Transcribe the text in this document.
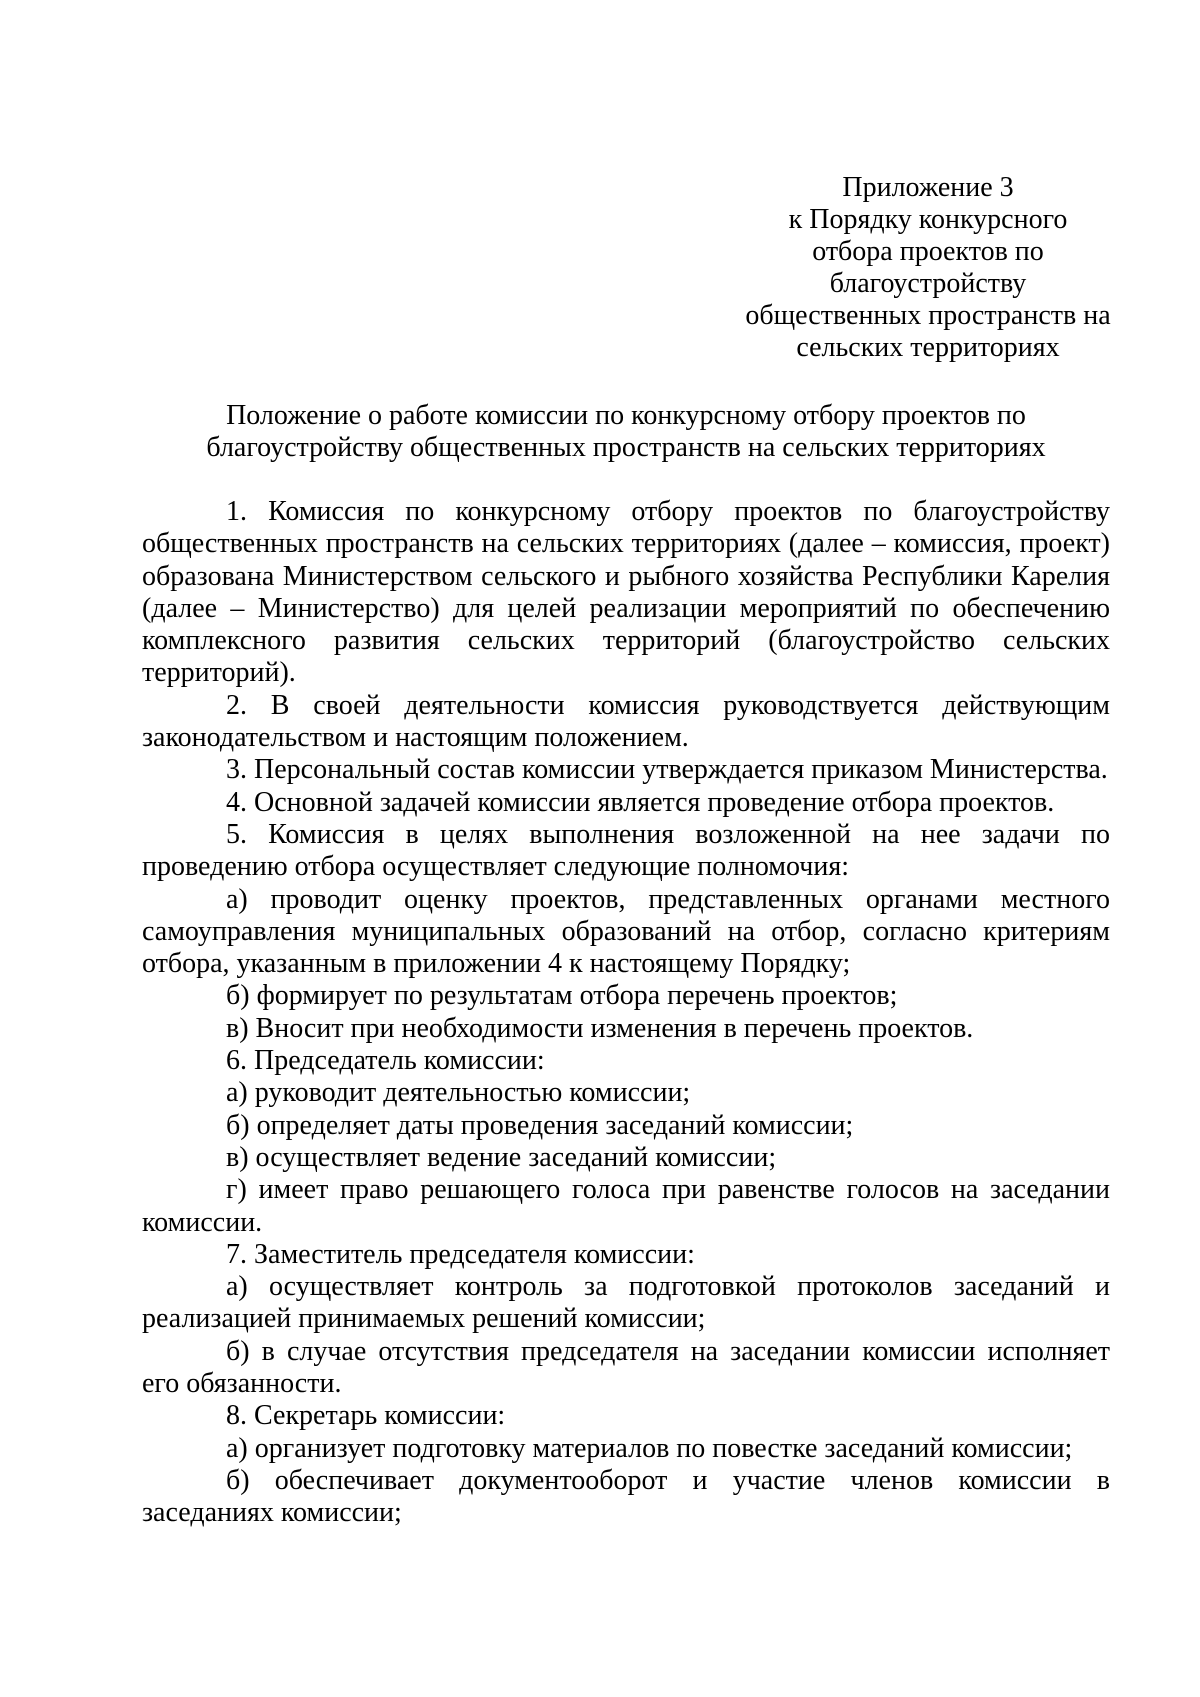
Приложение 3
к Порядку конкурсного
отбора проектов по
благоустройству
общественных пространств на
сельских территориях
Положение о работе комиссии по конкурсному отбору проектов по
благоустройству общественных пространств на сельских территориях

1. Комиссия по конкурсному отбору проектов по благоустройству общественных пространств на сельских территориях (далее – комиссия, проект) образована Министерством сельского и рыбного хозяйства Республики Карелия (далее – Министерство) для целей реализации мероприятий по обеспечению комплексного развития сельских территорий (благоустройство сельских территорий).

2. В своей деятельности комиссия руководствуется действующим законодательством и настоящим положением.

3. Персональный состав комиссии утверждается приказом Министерства.

4. Основной задачей комиссии является проведение отбора проектов.

5. Комиссия в целях выполнения возложенной на нее задачи по проведению отбора осуществляет следующие полномочия:

а) проводит оценку проектов, представленных органами местного самоуправления муниципальных образований на отбор, согласно критериям отбора, указанным в приложении 4 к настоящему Порядку;

б) формирует по результатам отбора перечень проектов;

в) Вносит при необходимости изменения в перечень проектов.

6. Председатель комиссии:

а) руководит деятельностью комиссии;

б) определяет даты проведения заседаний комиссии;

в) осуществляет ведение заседаний комиссии;

г) имеет право решающего голоса при равенстве голосов на заседании комиссии.

7. Заместитель председателя комиссии:

а) осуществляет контроль за подготовкой протоколов заседаний и реализацией принимаемых решений комиссии;

б) в случае отсутствия председателя на заседании комиссии исполняет его обязанности.

8. Секретарь комиссии:

а) организует подготовку материалов по повестке заседаний комиссии;

б) обеспечивает документооборот и участие членов комиссии в заседаниях комиссии;
